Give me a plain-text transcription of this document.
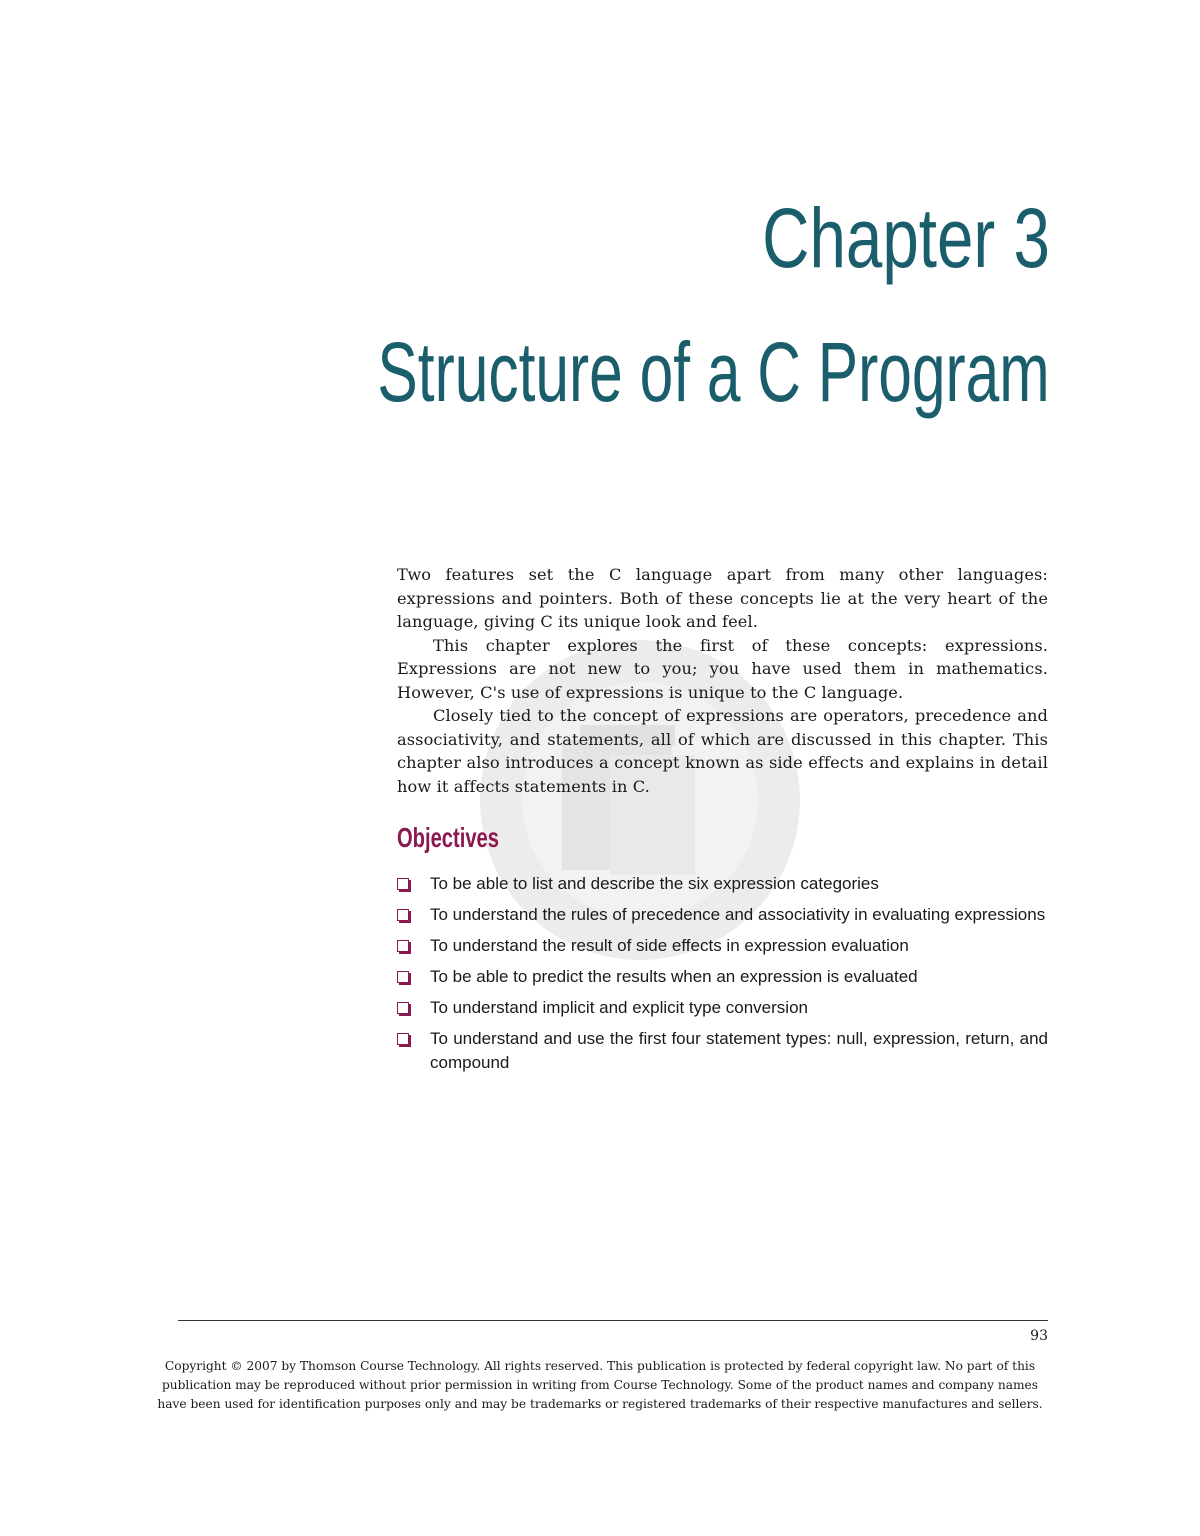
Chapter 3
Structure of a C Program

Two features set the C language apart from many other languages: expressions and pointers. Both of these concepts lie at the very heart of the language, giving C its unique look and feel.

This chapter explores the first of these concepts: expressions. Expressions are not new to you; you have used them in mathematics. However, C's use of expressions is unique to the C language.

Closely tied to the concept of expressions are operators, precedence and associativity, and statements, all of which are discussed in this chapter. This chapter also introduces a concept known as side effects and explains in detail how it affects statements in C.

Objectives
To be able to list and describe the six expression categories
To understand the rules of precedence and associativity in evaluating expressions
To understand the result of side effects in expression evaluation
To be able to predict the results when an expression is evaluated
To understand implicit and explicit type conversion
To understand and use the first four statement types: null, expression, return, and compound
93
Copyright © 2007 by Thomson Course Technology. All rights reserved. This publication is protected by federal copyright law. No part of this publication may be reproduced without prior permission in writing from Course Technology. Some of the product names and company names have been used for identification purposes only and may be trademarks or registered trademarks of their respective manufactures and sellers.
